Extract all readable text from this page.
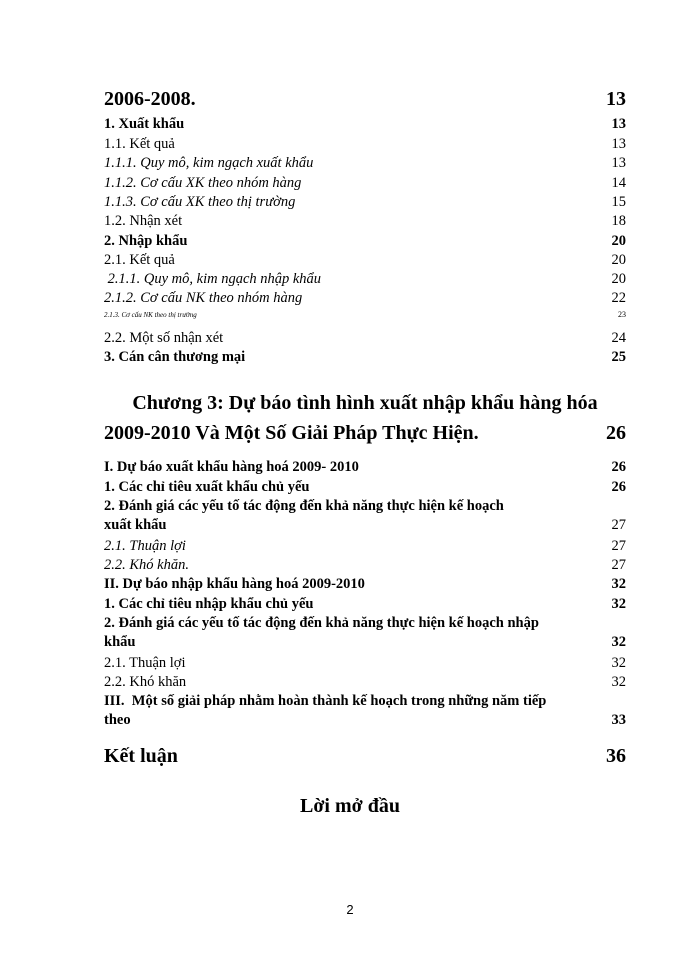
2006-2008.	13
1. Xuất khẩu	13
1.1. Kết quả	13
1.1.1. Quy mô, kim ngạch xuất khẩu	13
1.1.2. Cơ cấu XK theo nhóm hàng	14
1.1.3. Cơ cấu XK theo thị trường	15
1.2. Nhận xét	18
2. Nhập khẩu	20
2.1. Kết quả	20
2.1.1. Quy mô, kim ngạch nhập khẩu	20
2.1.2. Cơ cấu NK theo nhóm hàng	22
2.1.3. Cơ cấu NK theo thị trường	23
2.2. Một số nhận xét	24
3. Cán cân thương mại	25
Chương 3: Dự báo tình hình xuất nhập khẩu hàng hóa
2009-2010 Và Một Số Giải Pháp Thực Hiện.	26
I. Dự báo xuất khẩu hàng hoá 2009- 2010	26
1. Các chỉ tiêu xuất khẩu chủ yếu	26
2. Đánh giá các yếu tố tác động đến khả năng thực hiện kế hoạch
xuất khẩu	27
2.1. Thuận lợi	27
2.2. Khó khăn.	27
II. Dự báo nhập khẩu hàng hoá 2009-2010	32
1. Các chỉ tiêu nhập khẩu chủ yếu	32
2. Đánh giá các yếu tố tác động đến khả năng thực hiện kế hoạch nhập
khẩu	32
2.1. Thuận lợi	32
2.2. Khó khăn	32
III.  Một số giải pháp nhằm hoàn thành kế hoạch trong những năm tiếp
theo	33
Kết luận	36
Lời mở đầu
2
